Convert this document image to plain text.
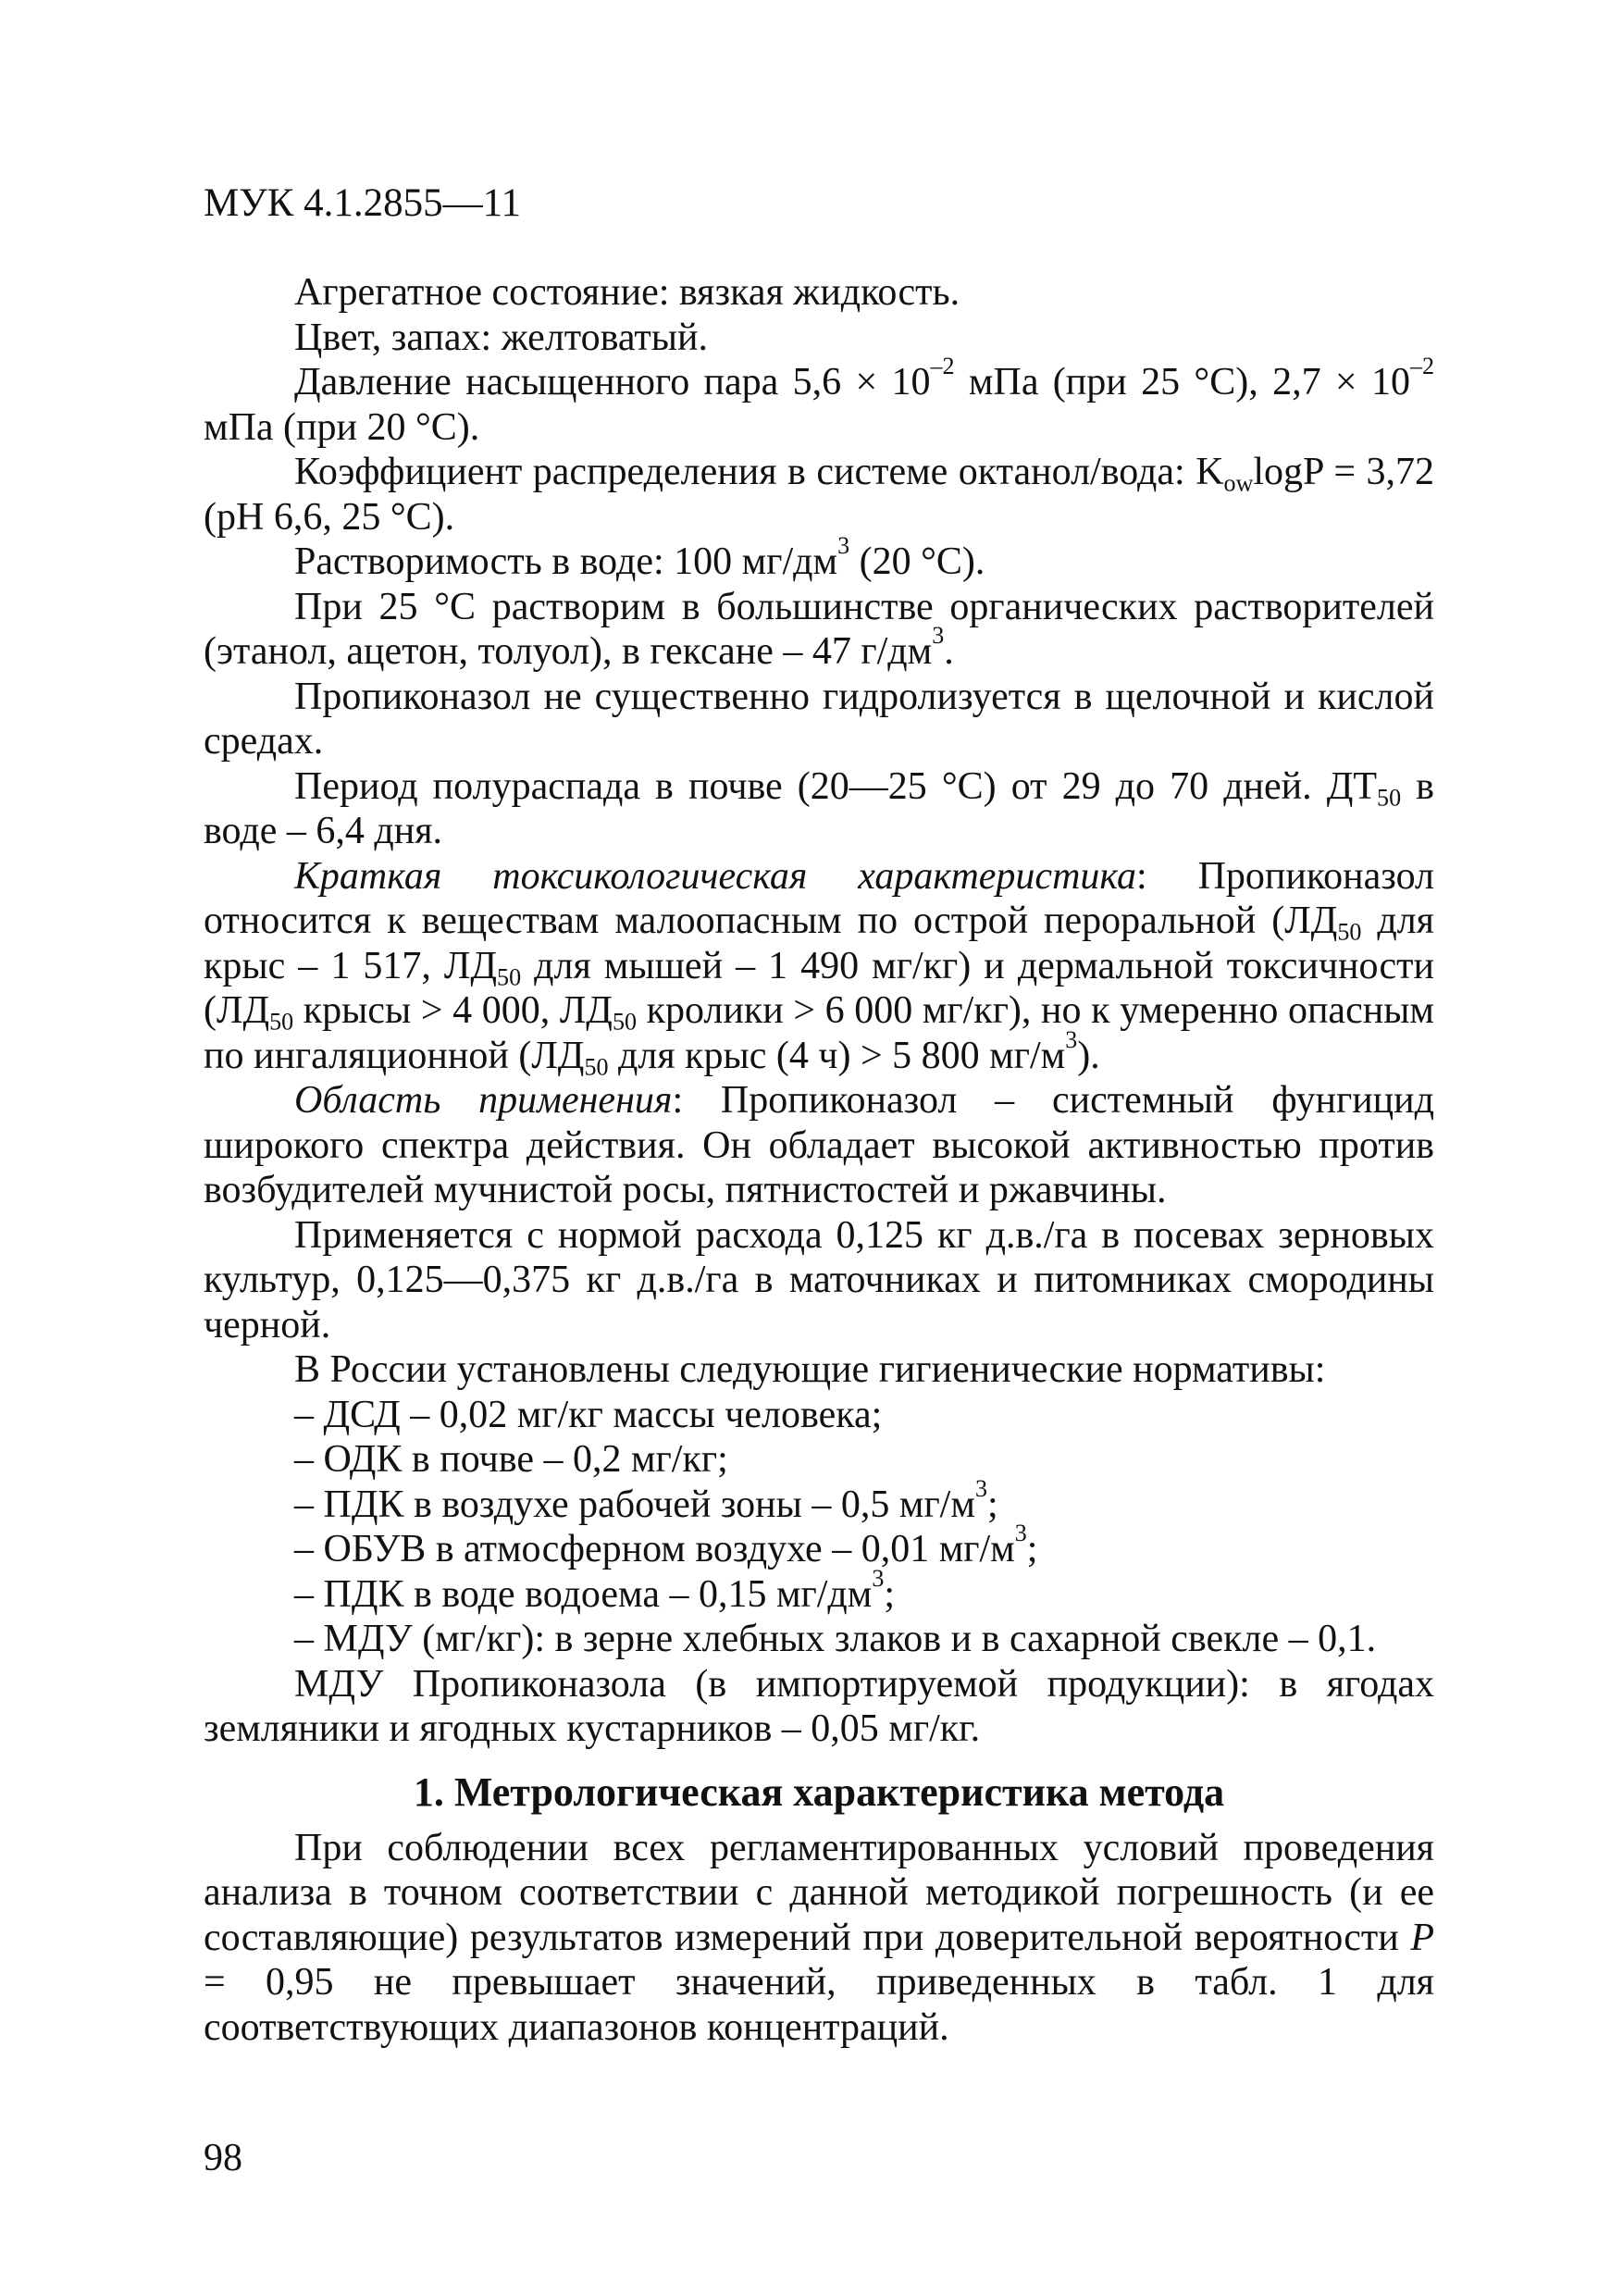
МУК 4.1.2855—11

Агрегатное состояние: вязкая жидкость.

Цвет, запах: желтоватый.

Давление насыщенного пара $5,6 \times 10^{-2}$ мПа (при 25 °С), $2,7 \times 10^{-2}$ мПа (при 20 °С).

Коэффициент распределения в системе октанол/вода: $K_{ow}\log P = 3,72$ (pH 6,6, 25 °С).

Растворимость в воде: 100 $мг/дм^3$ (20 °С).

При 25 °С растворим в большинстве органических растворителей (этанол, ацетон, толуол), в гексане – 47 $г/дм^3$.

Пропиконазол не существенно гидролизуется в щелочной и кислой средах.

Период полураспада в почве (20—25 °С) от 29 до 70 дней. $ДТ_{50}$ в воде – 6,4 дня.

Краткая токсикологическая характеристика: Пропиконазол относится к веществам малоопасным по острой пероральной ($ЛД_{50}$ для крыс – 1 517, $ЛД_{50}$ для мышей – 1 490 мг/кг) и дермальной токсичности ($ЛД_{50}$ крысы > 4 000, $ЛД_{50}$ кролики > 6 000 мг/кг), но к умеренно опасным по ингаляционной ($ЛД_{50}$ для крыс (4 ч) > 5 800 $мг/м^3$).

Область применения: Пропиконазол – системный фунгицид широкого спектра действия. Он обладает высокой активностью против возбудителей мучнистой росы, пятнистостей и ржавчины.

Применяется с нормой расхода 0,125 кг д.в./га в посевах зерновых культур, 0,125—0,375 кг д.в./га в маточниках и питомниках смородины черной.

В России установлены следующие гигиенические нормативы:

– ДСД – 0,02 мг/кг массы человека;

– ОДК в почве – 0,2 мг/кг;

– ПДК в воздухе рабочей зоны – 0,5 $мг/м^3$;

– ОБУВ в атмосферном воздухе – 0,01 $мг/м^3$;

– ПДК в воде водоема – 0,15 $мг/дм^3$;

– МДУ (мг/кг): в зерне хлебных злаков и в сахарной свекле – 0,1.

МДУ Пропиконазола (в импортируемой продукции): в ягодах земляники и ягодных кустарников – 0,05 мг/кг.

1. Метрологическая характеристика метода

При соблюдении всех регламентированных условий проведения анализа в точном соответствии с данной методикой погрешность (и ее составляющие) результатов измерений при доверительной вероятности Р = 0,95 не превышает значений, приведенных в табл. 1 для соответствующих диапазонов концентраций.

98
